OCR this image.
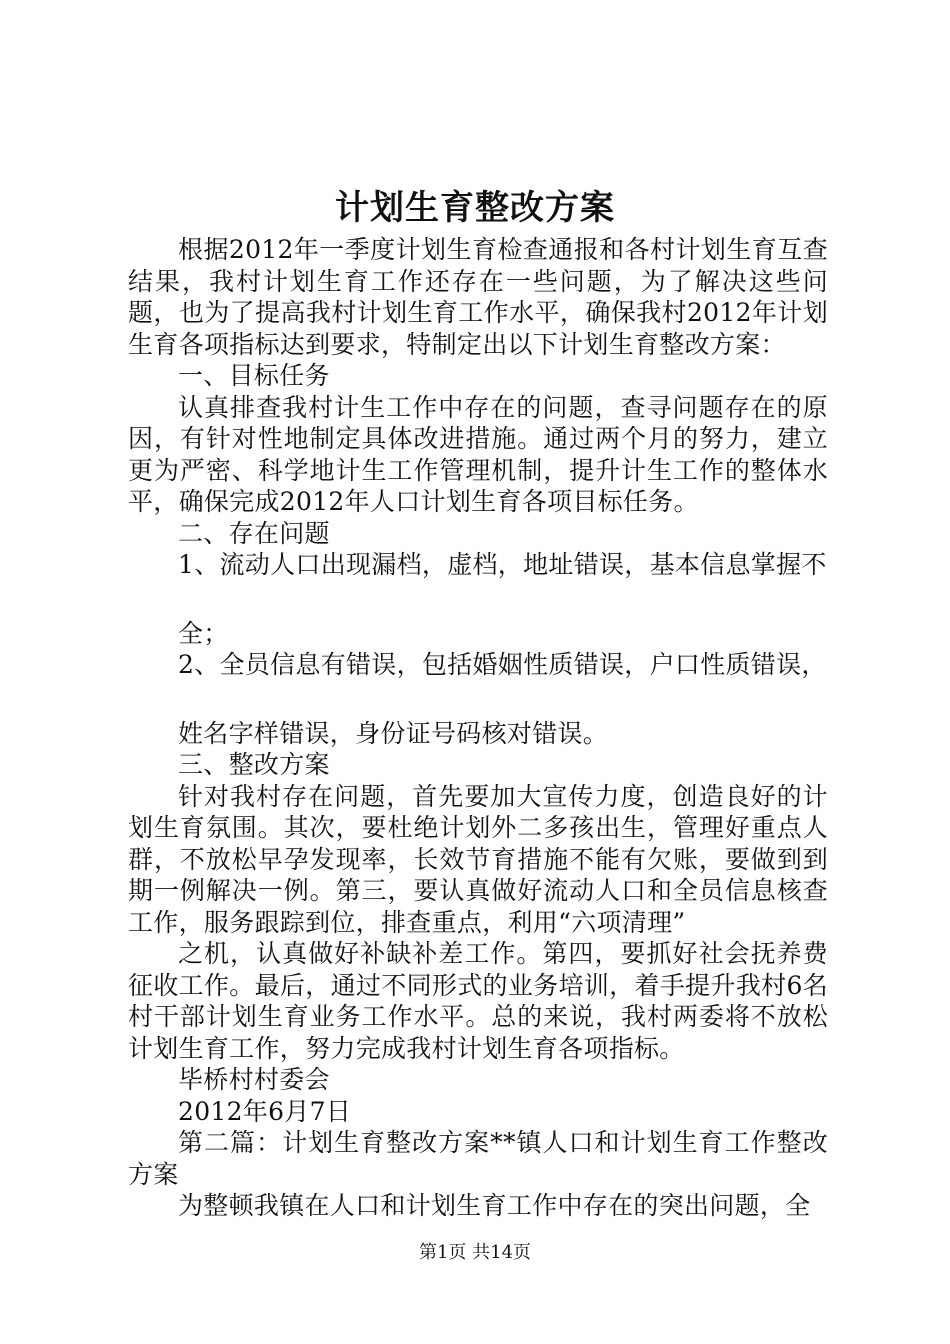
计划生育整改方案

根据2012年一季度计划生育检查通报和各村计划生育互查结果，我村计划生育工作还存在一些问题，为了解决这些问题，也为了提高我村计划生育工作水平，确保我村2012年计划生育各项指标达到要求，特制定出以下计划生育整改方案：

一、目标任务

认真排查我村计生工作中存在的问题，查寻问题存在的原因，有针对性地制定具体改进措施。通过两个月的努力，建立更为严密、科学地计生工作管理机制，提升计生工作的整体水平，确保完成2012年人口计划生育各项目标任务。

二、存在问题

1、流动人口出现漏档，虚档，地址错误，基本信息掌握不

全；

2、全员信息有错误，包括婚姻性质错误，户口性质错误，

姓名字样错误，身份证号码核对错误。

三、整改方案

针对我村存在问题，首先要加大宣传力度，创造良好的计划生育氛围。其次，要杜绝计划外二多孩出生，管理好重点人群，不放松早孕发现率，长效节育措施不能有欠账，要做到到期一例解决一例。第三，要认真做好流动人口和全员信息核查工作，服务跟踪到位，排查重点，利用“六项清理”

之机，认真做好补缺补差工作。第四，要抓好社会抚养费征收工作。最后，通过不同形式的业务培训，着手提升我村6名村干部计划生育业务工作水平。总的来说，我村两委将不放松计划生育工作，努力完成我村计划生育各项指标。

毕桥村村委会

2012年6月7日

第二篇：计划生育整改方案**镇人口和计划生育工作整改方案

为整顿我镇在人口和计划生育工作中存在的突出问题，全

第1页 共14页
